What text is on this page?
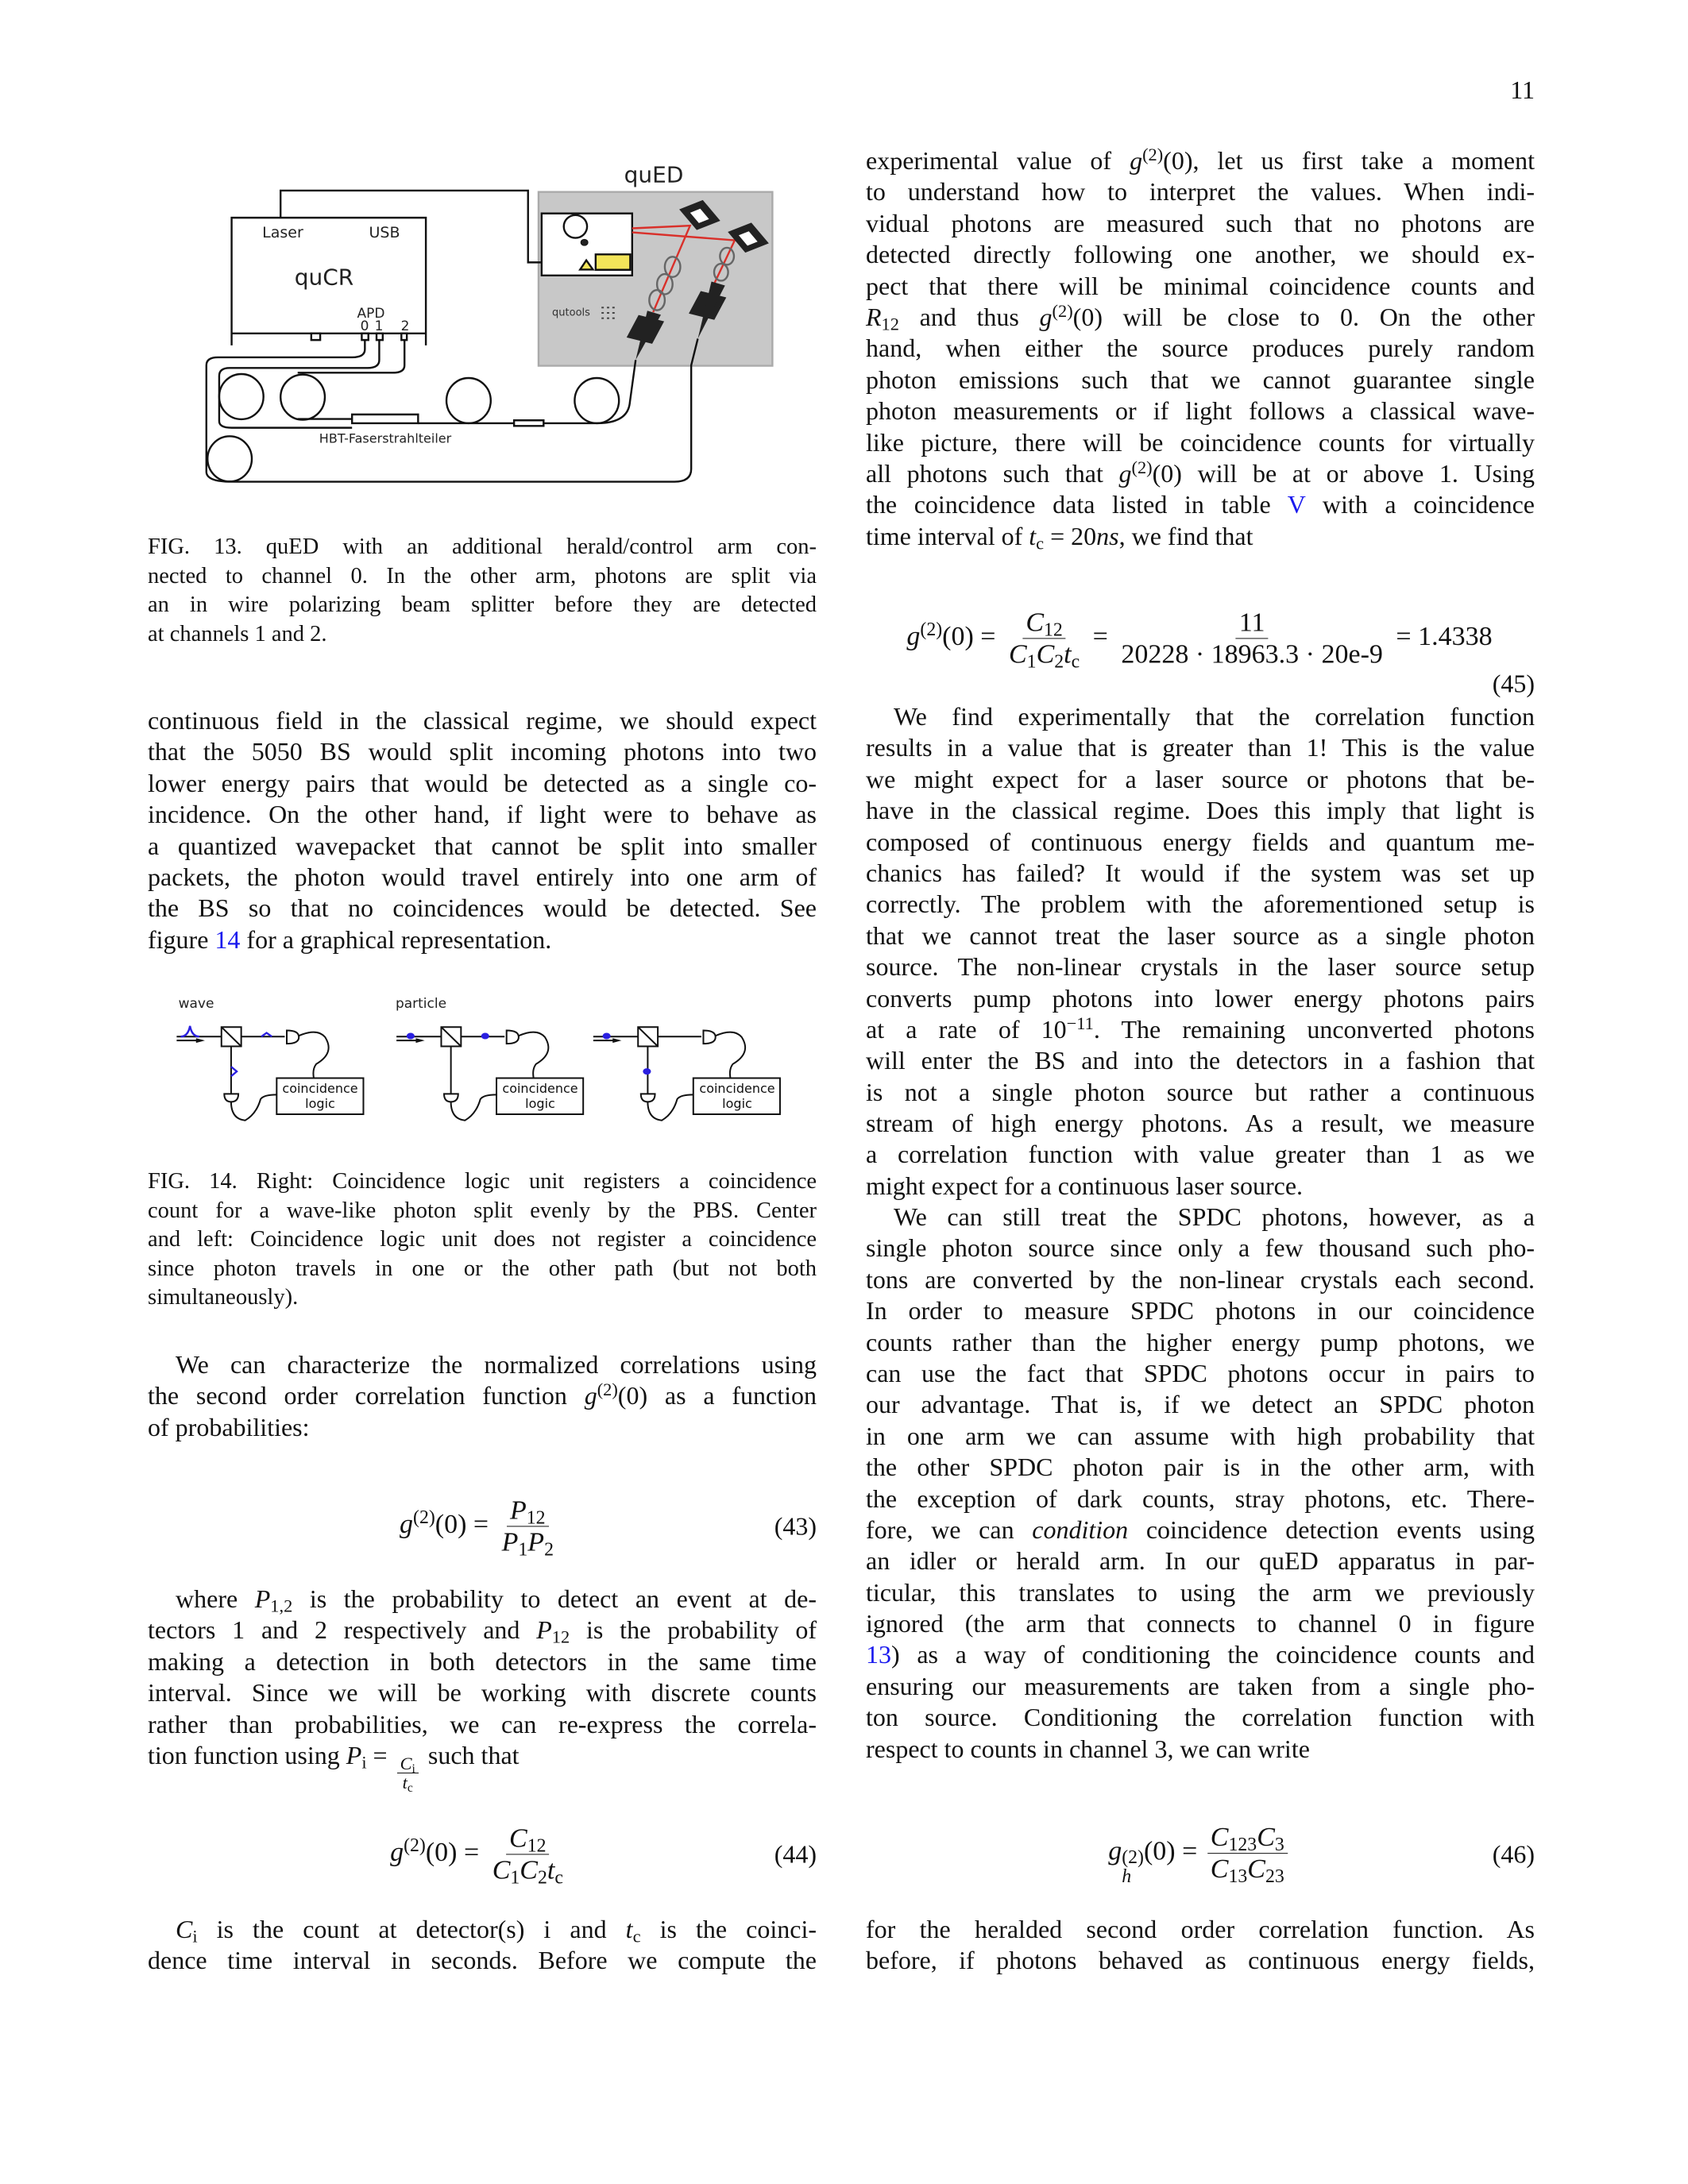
11
quED
Laser	USB
quCR
APD
0 1 2
HBT-Faserstrahlteiler
qutools
FIG. 13. quED with an additional herald/control arm con-
nected to channel 0. In the other arm, photons are split via
an in wire polarizing beam splitter before they are detected
at channels 1 and 2.
continuous field in the classical regime, we should expect
that the 5050 BS would split incoming photons into two
lower energy pairs that would be detected as a single co-
incidence. On the other hand, if light were to behave as
a quantized wavepacket that cannot be split into smaller
packets, the photon would travel entirely into one arm of
the BS so that no coincidences would be detected. See
figure 14 for a graphical representation.
wave	particle
coincidence
logic
coincidence
logic
coincidence
logic
FIG. 14. Right: Coincidence logic unit registers a coincidence
count for a wave-like photon split evenly by the PBS. Center
and left: Coincidence logic unit does not register a coincidence
since photon travels in one or the other path (but not both
simultaneously).
We can characterize the normalized correlations using
the second order correlation function $g^{(2)}(0)$ as a function
of probabilities:
$g^{(2)}(0) = \frac{P_{12}}{P_1P_2}$	(43)
where $P_{1,2}$ is the probability to detect an event at de-
tectors 1 and 2 respectively and $P_{12}$ is the probability of
making a detection in both detectors in the same time
interval. Since we will be working with discrete counts
rather than probabilities, we can re-express the correla-
tion function using $P_i = \frac{C_i}{t_c}$ such that
$g^{(2)}(0) = \frac{C_{12}}{C_1C_2t_c}$	(44)
$C_i$ is the count at detector(s) i and $t_c$ is the coinci-
dence time interval in seconds. Before we compute the
experimental value of $g^{(2)}(0)$, let us first take a moment
to understand how to interpret the values. When indi-
vidual photons are measured such that no photons are
detected directly following one another, we should ex-
pect that there will be minimal coincidence counts and
$R_{12}$ and thus $g^{(2)}(0)$ will be close to 0. On the other
hand, when either the source produces purely random
photon emissions such that we cannot guarantee single
photon measurements or if light follows a classical wave-
like picture, there will be coincidence counts for virtually
all photons such that $g^{(2)}(0)$ will be at or above 1. Using
the coincidence data listed in table V with a coincidence
time interval of $t_c = 20ns$, we find that
$g^{(2)}(0) = \frac{C_{12}}{C_1C_2t_c} = \frac{11}{20228 \cdot 18963.3 \cdot 20e-9} = 1.4338$
(45)
We find experimentally that the correlation function
results in a value that is greater than 1! This is the value
we might expect for a laser source or photons that be-
have in the classical regime. Does this imply that light is
composed of continuous energy fields and quantum me-
chanics has failed? It would if the system was set up
correctly. The problem with the aforementioned setup is
that we cannot treat the laser source as a single photon
source. The non-linear crystals in the laser source setup
converts pump photons into lower energy photons pairs
at a rate of $10^{-11}$. The remaining unconverted photons
will enter the BS and into the detectors in a fashion that
is not a single photon source but rather a continuous
stream of high energy photons. As a result, we measure
a correlation function with value greater than 1 as we
might expect for a continuous laser source.
We can still treat the SPDC photons, however, as a
single photon source since only a few thousand such pho-
tons are converted by the non-linear crystals each second.
In order to measure SPDC photons in our coincidence
counts rather than the higher energy pump photons, we
can use the fact that SPDC photons occur in pairs to
our advantage. That is, if we detect an SPDC photon
in one arm we can assume with high probability that
the other SPDC photon pair is in the other arm, with
the exception of dark counts, stray photons, etc. There-
fore, we can condition coincidence detection events using
an idler or herald arm. In our quED apparatus in par-
ticular, this translates to using the arm we previously
ignored (the arm that connects to channel 0 in figure
13) as a way of conditioning the coincidence counts and
ensuring our measurements are taken from a single pho-
ton source. Conditioning the correlation function with
respect to counts in channel 3, we can write
g (2)
h
$(0) = \frac{C_{123}C_3}{C_{13}C_{23}}$	(46)
for the heralded second order correlation function. As
before, if photons behaved as continuous energy fields,
